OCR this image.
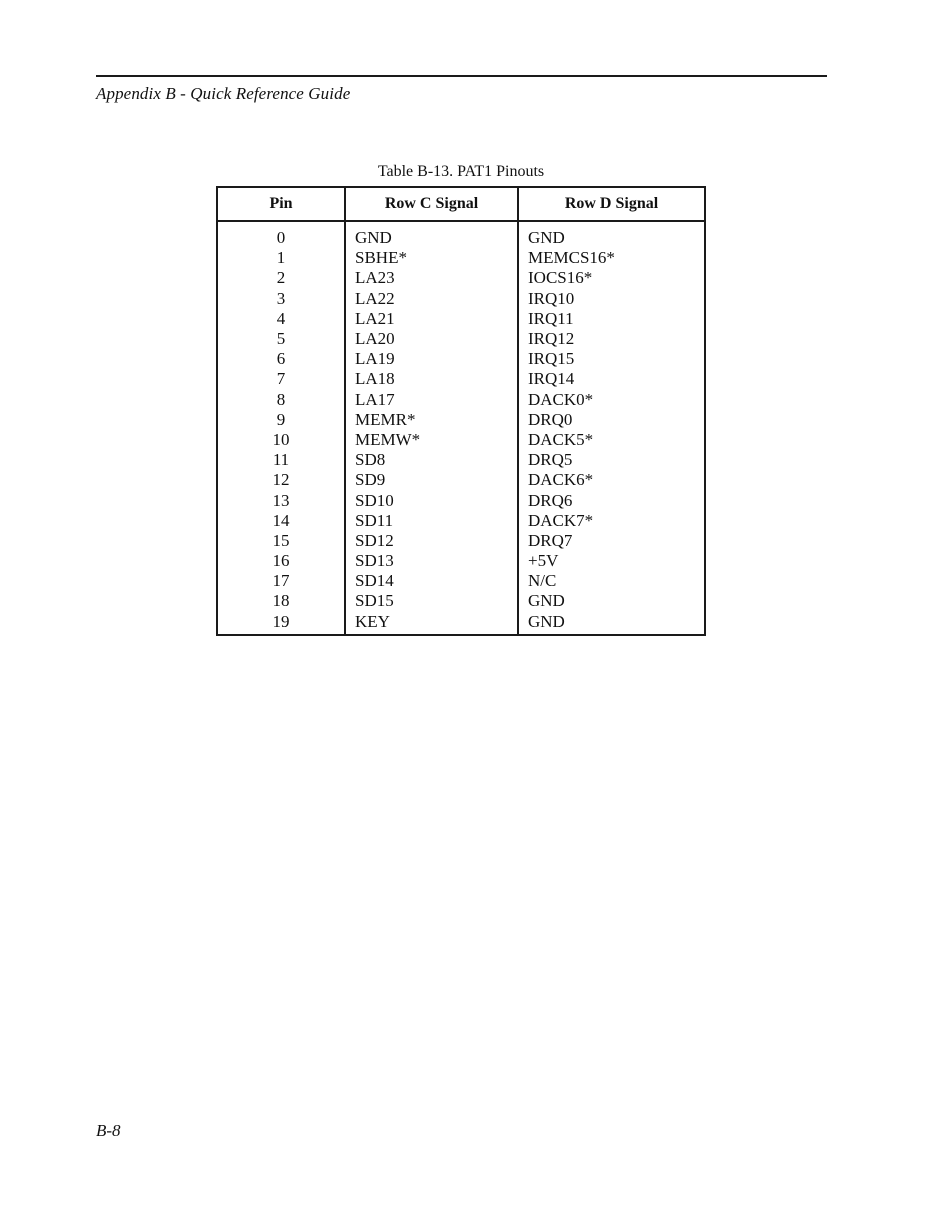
Appendix B - Quick Reference Guide
Table B-13. PAT1 Pinouts
Pin	Row C Signal	Row D Signal
0	GND	GND
1	SBHE*	MEMCS16*
2	LA23	IOCS16*
3	LA22	IRQ10
4	LA21	IRQ11
5	LA20	IRQ12
6	LA19	IRQ15
7	LA18	IRQ14
8	LA17	DACK0*
9	MEMR*	DRQ0
10	MEMW*	DACK5*
11	SD8	DRQ5
12	SD9	DACK6*
13	SD10	DRQ6
14	SD11	DACK7*
15	SD12	DRQ7
16	SD13	+5V
17	SD14	N/C
18	SD15	GND
19	KEY	GND
B-8
